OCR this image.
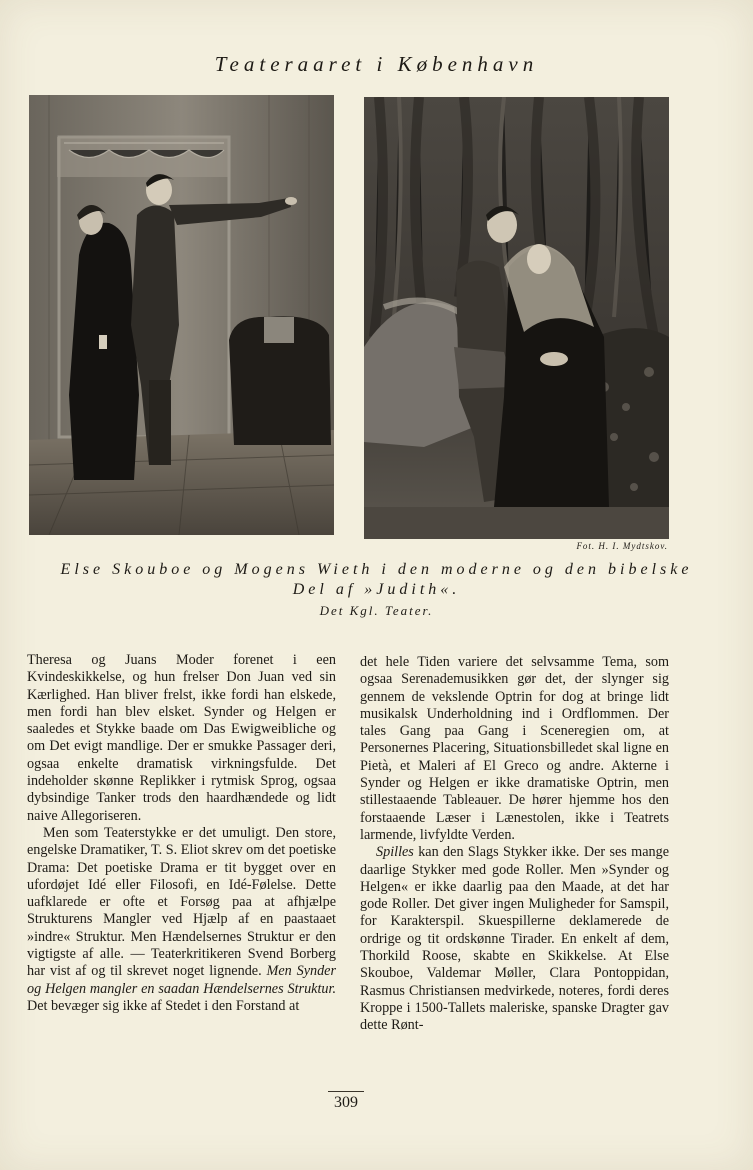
Teateraaret i København
Fot. H. I. Mydtskov.
Else Skouboe og Mogens Wieth i den moderne og den bibelske
Del af »Judith«.
Det Kgl. Teater.

Theresa og Juans Moder forenet i een Kvindeskikkelse, og hun frelser Don Juan ved sin Kærlighed. Han bliver frelst, ikke fordi han elskede, men fordi han blev elsket. Synder og Helgen er saaledes et Stykke baade om Das Ewigweibliche og om Det evigt mandlige. Der er smukke Passager deri, ogsaa enkelte dramatisk virkningsfulde. Det indeholder skønne Replikker i rytmisk Sprog, ogsaa dybsindige Tanker trods den haardhændede og lidt naive Allegoriseren.

Men som Teaterstykke er det umuligt. Den store, engelske Dramatiker, T. S. Eliot skrev om det poetiske Drama: Det poetiske Drama er tit bygget over en ufordøjet Idé eller Filosofi, en Idé-Følelse. Dette uafklarede er ofte et Forsøg paa at afhjælpe Strukturens Mangler ved Hjælp af en paastaaet »indre« Struktur. Men Hændelsernes Struktur er den vigtigste af alle. — Teaterkritikeren Svend Borberg har vist af og til skrevet noget lignende. Men Synder og Helgen mangler en saadan Hændelsernes Struktur. Det bevæger sig ikke af Stedet i den Forstand at

det hele Tiden variere det selvsamme Tema, som ogsaa Serenademusikken gør det, der slynger sig gennem de vekslende Optrin for dog at bringe lidt musikalsk Underholdning ind i Ordflommen. Der tales Gang paa Gang i Sceneregien om, at Personernes Placering, Situationsbilledet skal ligne en Pietà, et Maleri af El Greco og andre. Akterne i Synder og Helgen er ikke dramatiske Optrin, men stillestaaende Tableauer. De hører hjemme hos den forstaaende Læser i Lænestolen, ikke i Teatrets larmende, livfyldte Verden.

Spilles kan den Slags Stykker ikke. Der ses mange daarlige Stykker med gode Roller. Men »Synder og Helgen« er ikke daarlig paa den Maade, at det har gode Roller. Det giver ingen Muligheder for Samspil, for Karakterspil. Skuespillerne deklamerede de ordrige og tit ordskønne Tirader. En enkelt af dem, Thorkild Roose, skabte en Skikkelse. At Else Skouboe, Valdemar Møller, Clara Pontoppidan, Rasmus Christiansen medvirkede, noteres, fordi deres Kroppe i 1500-Tallets maleriske, spanske Dragter gav dette Rønt-

309
